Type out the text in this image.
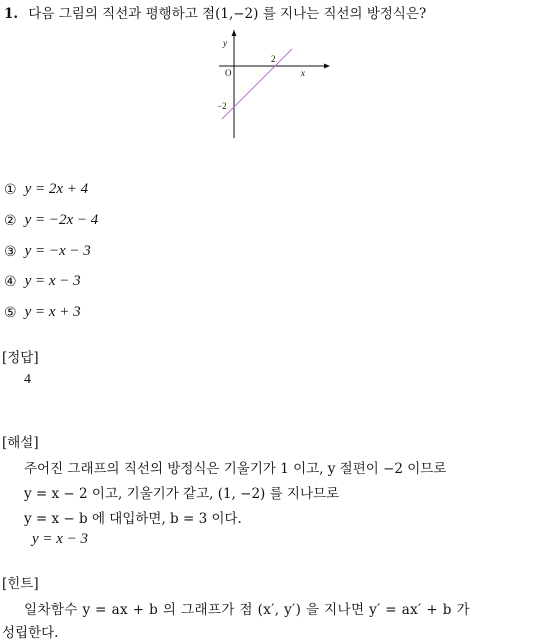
1. 다음 그림의 직선과 평행하고 점(1,−2) 를 지나는 직선의 방정식은?
y
x
O
2
−2
① y = 2x + 4
② y = −2x − 4
③ y = −x − 3
④ y = x − 3
⑤ y = x + 3
[정답]
4
[해설]
주어진 그래프의 직선의 방정식은 기울기가 1 이고, y 절편이 −2 이므로
y = x − 2 이고, 기울기가 같고, (1, −2) 를 지나므로
y = x − b 에 대입하면, b = 3 이다.
y = x − 3
[힌트]
일차함수 y = ax + b 의 그래프가 점 (x′, y′) 을 지나면 y′ = ax′ + b 가
성립한다.
